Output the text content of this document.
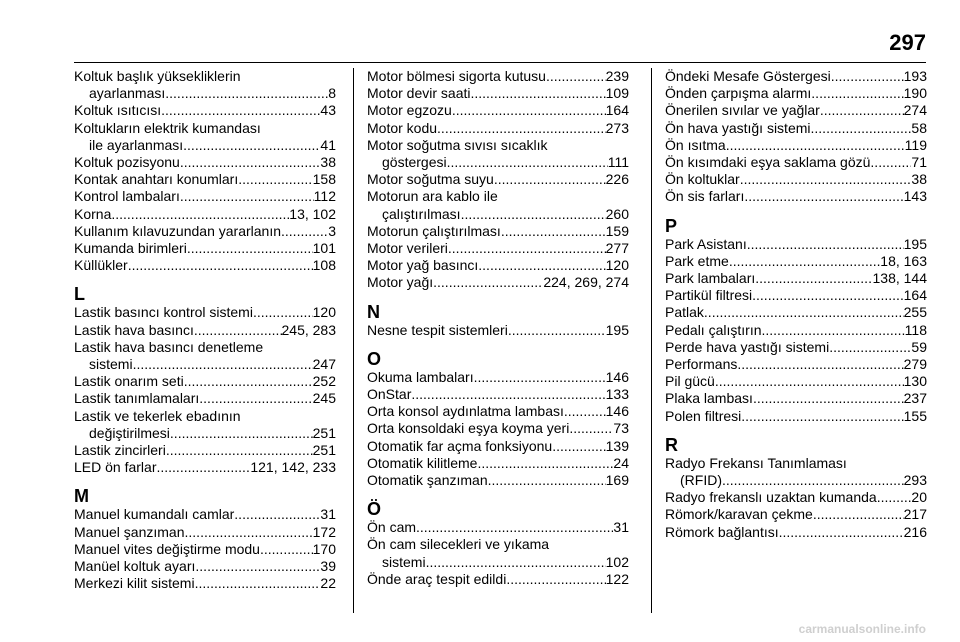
297
Koltuk başlık yüksekliklerin
ayarlanması .....	8
Koltuk ısıtıcısı .....	43
Koltukların elektrik kumandası
ile ayarlanması .....	41
Koltuk pozisyonu .....	38
Kontak anahtarı konumları .....	158
Kontrol lambaları .....	112
Korna .....	13, 102
Kullanım kılavuzundan yararlanın .....	3
Kumanda birimleri .....	101
Küllükler .....	108
L
Lastik basıncı kontrol sistemi .....	120
Lastik hava basıncı .....	245, 283
Lastik hava basıncı denetleme
sistemi .....	247
Lastik onarım seti .....	252
Lastik tanımlamaları .....	245
Lastik ve tekerlek ebadının
değiştirilmesi .....	251
Lastik zincirleri .....	251
LED ön farlar .....	121, 142, 233
M
Manuel kumandalı camlar .....	31
Manuel şanzıman .....	172
Manuel vites değiştirme modu .....	170
Manüel koltuk ayarı .....	39
Merkezi kilit sistemi .....	22
Motor bölmesi sigorta kutusu .....	239
Motor devir saati .....	109
Motor egzozu .....	164
Motor kodu .....	273
Motor soğutma sıvısı sıcaklık
göstergesi .....	111
Motor soğutma suyu .....	226
Motorun ara kablo ile
çalıştırılması .....	260
Motorun çalıştırılması .....	159
Motor verileri .....	277
Motor yağ basıncı .....	120
Motor yağı .....	224, 269, 274
N
Nesne tespit sistemleri .....	195
O
Okuma lambaları .....	146
OnStar .....	133
Orta konsol aydınlatma lambası .....	146
Orta konsoldaki eşya koyma yeri .....	73
Otomatik far açma fonksiyonu .....	139
Otomatik kilitleme .....	24
Otomatik şanzıman .....	169
Ö
Ön cam .....	31
Ön cam silecekleri ve yıkama
sistemi .....	102
Önde araç tespit edildi .....	122
Öndeki Mesafe Göstergesi .....	193
Önden çarpışma alarmı .....	190
Önerilen sıvılar ve yağlar .....	274
Ön hava yastığı sistemi .....	58
Ön ısıtma .....	119
Ön kısımdaki eşya saklama gözü .....	71
Ön koltuklar .....	38
Ön sis farları .....	143
P
Park Asistanı .....	195
Park etme .....	18, 163
Park lambaları .....	138, 144
Partikül filtresi .....	164
Patlak .....	255
Pedalı çalıştırın .....	118
Perde hava yastığı sistemi .....	59
Performans .....	279
Pil gücü .....	130
Plaka lambası .....	237
Polen filtresi .....	155
R
Radyo Frekansı Tanımlaması
(RFID) .....	293
Radyo frekanslı uzaktan kumanda ..... 20
Römork/karavan çekme .....	217
Römork bağlantısı .....	216
carmanualsonline.info
